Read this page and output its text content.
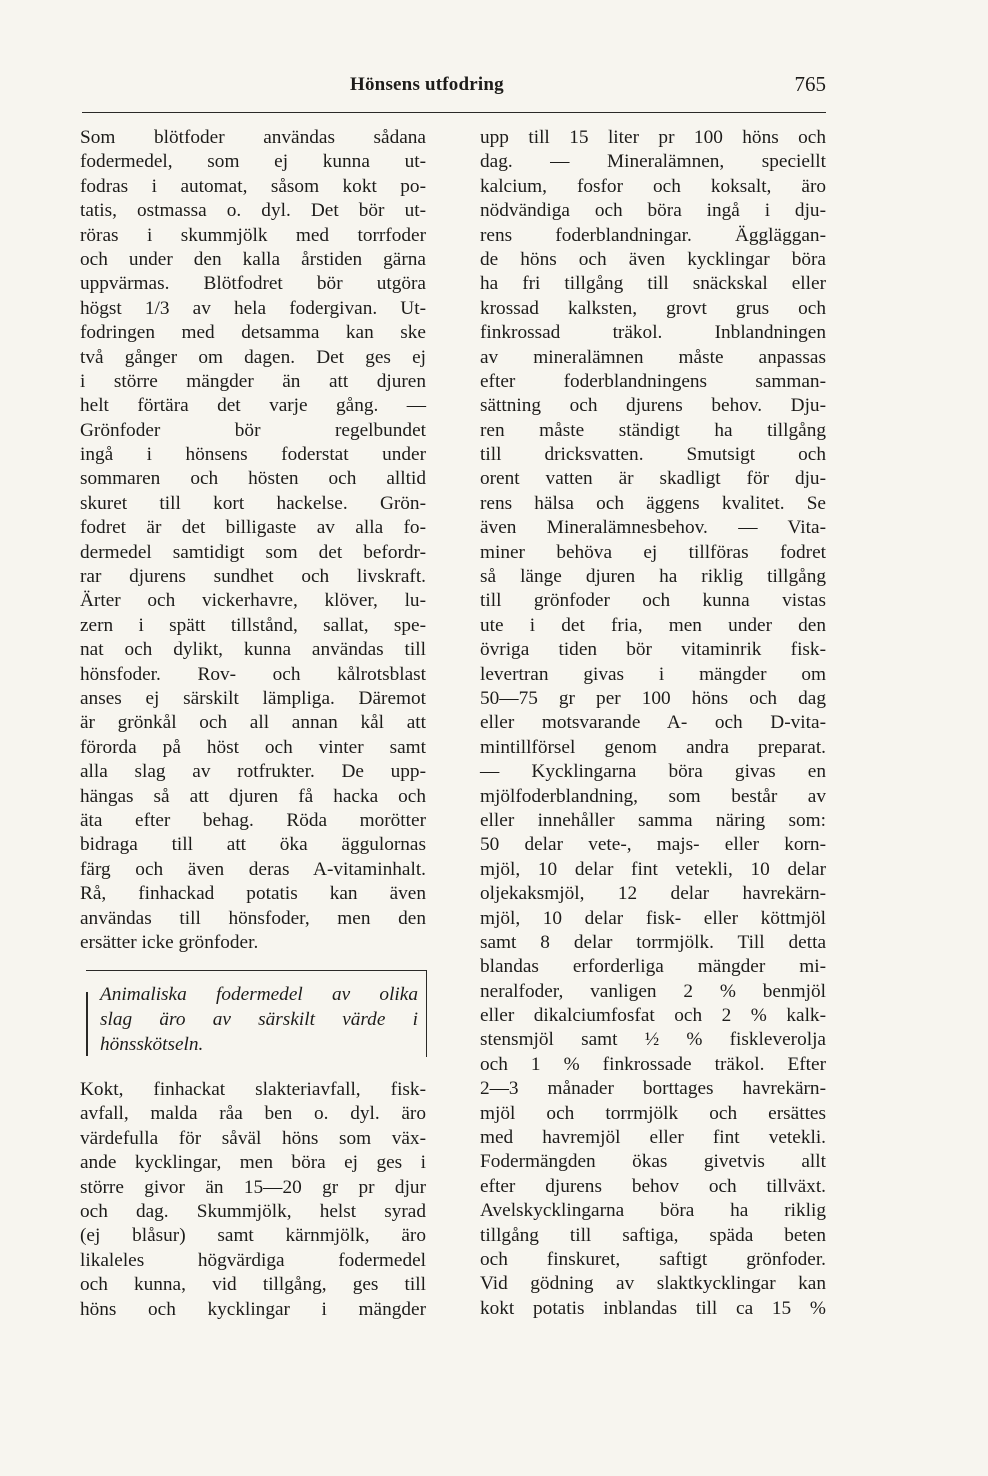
Hönsens utfodring	765
Som blötfoder användas sådana
fodermedel, som ej kunna ut-
fodras i automat, såsom kokt po-
tatis, ostmassa o. dyl. Det bör ut-
röras i skummjölk med torrfoder
och under den kalla årstiden gärna
uppvärmas. Blötfodret bör utgöra
högst 1/3 av hela fodergivan. Ut-
fodringen med detsamma kan ske
två gånger om dagen. Det ges ej
i större mängder än att djuren
helt förtära det varje gång. —
Grönfoder bör regelbundet
ingå i hönsens foderstat under
sommaren och hösten och alltid
skuret till kort hackelse. Grön-
fodret är det billigaste av alla fo-
dermedel samtidigt som det befordr-
rar djurens sundhet och livskraft.
Ärter och vickerhavre, klöver, lu-
zern i spätt tillstånd, sallat, spe-
nat och dylikt, kunna användas till
hönsfoder. Rov- och kålrotsblast
anses ej särskilt lämpliga. Däremot
är grönkål och all annan kål att
förorda på höst och vinter samt
alla slag av rotfrukter. De upp-
hängas så att djuren få hacka och
äta efter behag. Röda morötter
bidraga till att öka äggulornas
färg och även deras A-vitaminhalt.
Rå, finhackad potatis kan även
användas till hönsfoder, men den
ersätter icke grönfoder.
Animaliska fodermedel av olika
slag äro av särskilt värde i
hönsskötseln.
Kokt, finhackat slakteriavfall, fisk-
avfall, malda råa ben o. dyl. äro
värdefulla för såväl höns som väx-
ande kycklingar, men böra ej ges i
större givor än 15—20 gr pr djur
och dag. Skummjölk, helst syrad
(ej blåsur) samt kärnmjölk, äro
likaleles högvärdiga fodermedel
och kunna, vid tillgång, ges till
höns och kycklingar i mängder
upp till 15 liter pr 100 höns och
dag. — Mineralämnen, speciellt
kalcium, fosfor och koksalt, äro
nödvändiga och böra ingå i dju-
rens foderblandningar. Äggläggan-
de höns och även kycklingar böra
ha fri tillgång till snäckskal eller
krossad kalksten, grovt grus och
finkrossad träkol. Inblandningen
av mineralämnen måste anpassas
efter foderblandningens samman-
sättning och djurens behov. Dju-
ren måste ständigt ha tillgång
till dricksvatten. Smutsigt och
orent vatten är skadligt för dju-
rens hälsa och äggens kvalitet. Se
även Mineralämnesbehov. — Vita-
miner behöva ej tillföras fodret
så länge djuren ha riklig tillgång
till grönfoder och kunna vistas
ute i det fria, men under den
övriga tiden bör vitaminrik fisk-
levertran givas i mängder om
50—75 gr per 100 höns och dag
eller motsvarande A- och D-vita-
mintillförsel genom andra preparat.
— Kycklingarna böra givas en
mjölfoderblandning, som består av
eller innehåller samma näring som:
50 delar vete-, majs- eller korn-
mjöl, 10 delar fint vetekli, 10 delar
oljekaksmjöl, 12 delar havrekärn-
mjöl, 10 delar fisk- eller köttmjöl
samt 8 delar torrmjölk. Till detta
blandas erforderliga mängder mi-
neralfoder, vanligen 2 % benmjöl
eller dikalciumfosfat och 2 % kalk-
stensmjöl samt ½ % fiskleverolja
och 1 % finkrossade träkol. Efter
2—3 månader borttages havrekärn-
mjöl och torrmjölk och ersättes
med havremjöl eller fint vetekli.
Fodermängden ökas givetvis allt
efter djurens behov och tillväxt.
Avelskycklingarna böra ha riklig
tillgång till saftiga, späda beten
och finskuret, saftigt grönfoder.
Vid gödning av slaktkycklingar kan
kokt potatis inblandas till ca 15 %
